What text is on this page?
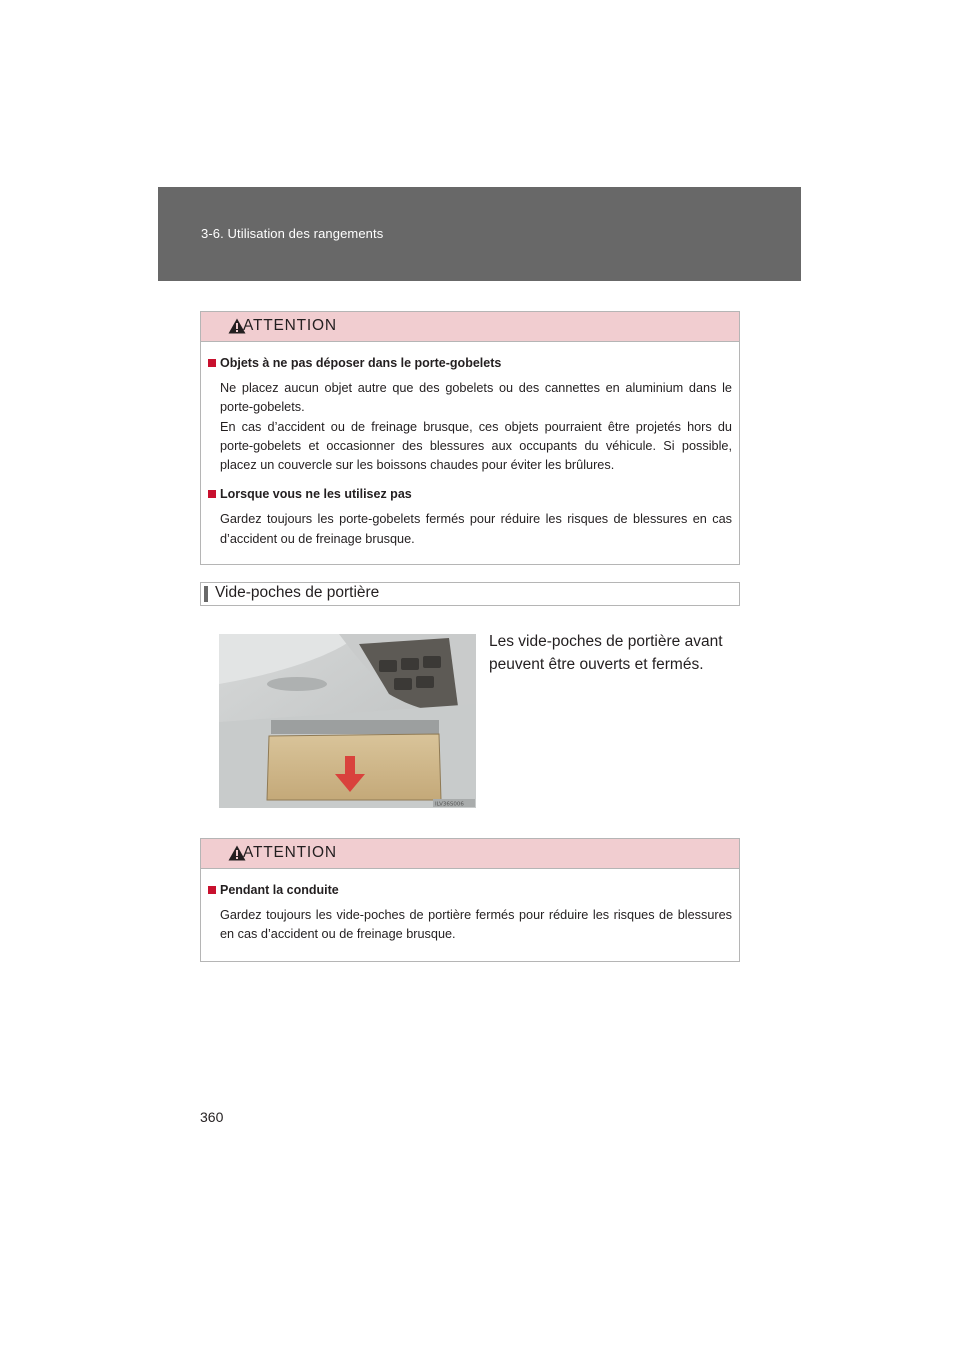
3-6. Utilisation des rangements
ATTENTION
Objets à ne pas déposer dans le porte-gobelets

Ne placez aucun objet autre que des gobelets ou des cannettes en aluminium dans le porte-gobelets.

En cas d’accident ou de freinage brusque, ces objets pourraient être projetés hors du porte-gobelets et occasionner des blessures aux occupants du véhicule. Si possible, placez un couvercle sur les boissons chaudes pour éviter les brûlures.

Lorsque vous ne les utilisez pas

Gardez toujours les porte-gobelets fermés pour réduire les risques de blessures en cas d’accident ou de freinage brusque.

Vide-poches de portière
ILV36S006

Les vide-poches de portière avant peuvent être ouverts et fermés.

ATTENTION
Pendant la conduite

Gardez toujours les vide-poches de portière fermés pour réduire les risques de blessures en cas d’accident ou de freinage brusque.

360
